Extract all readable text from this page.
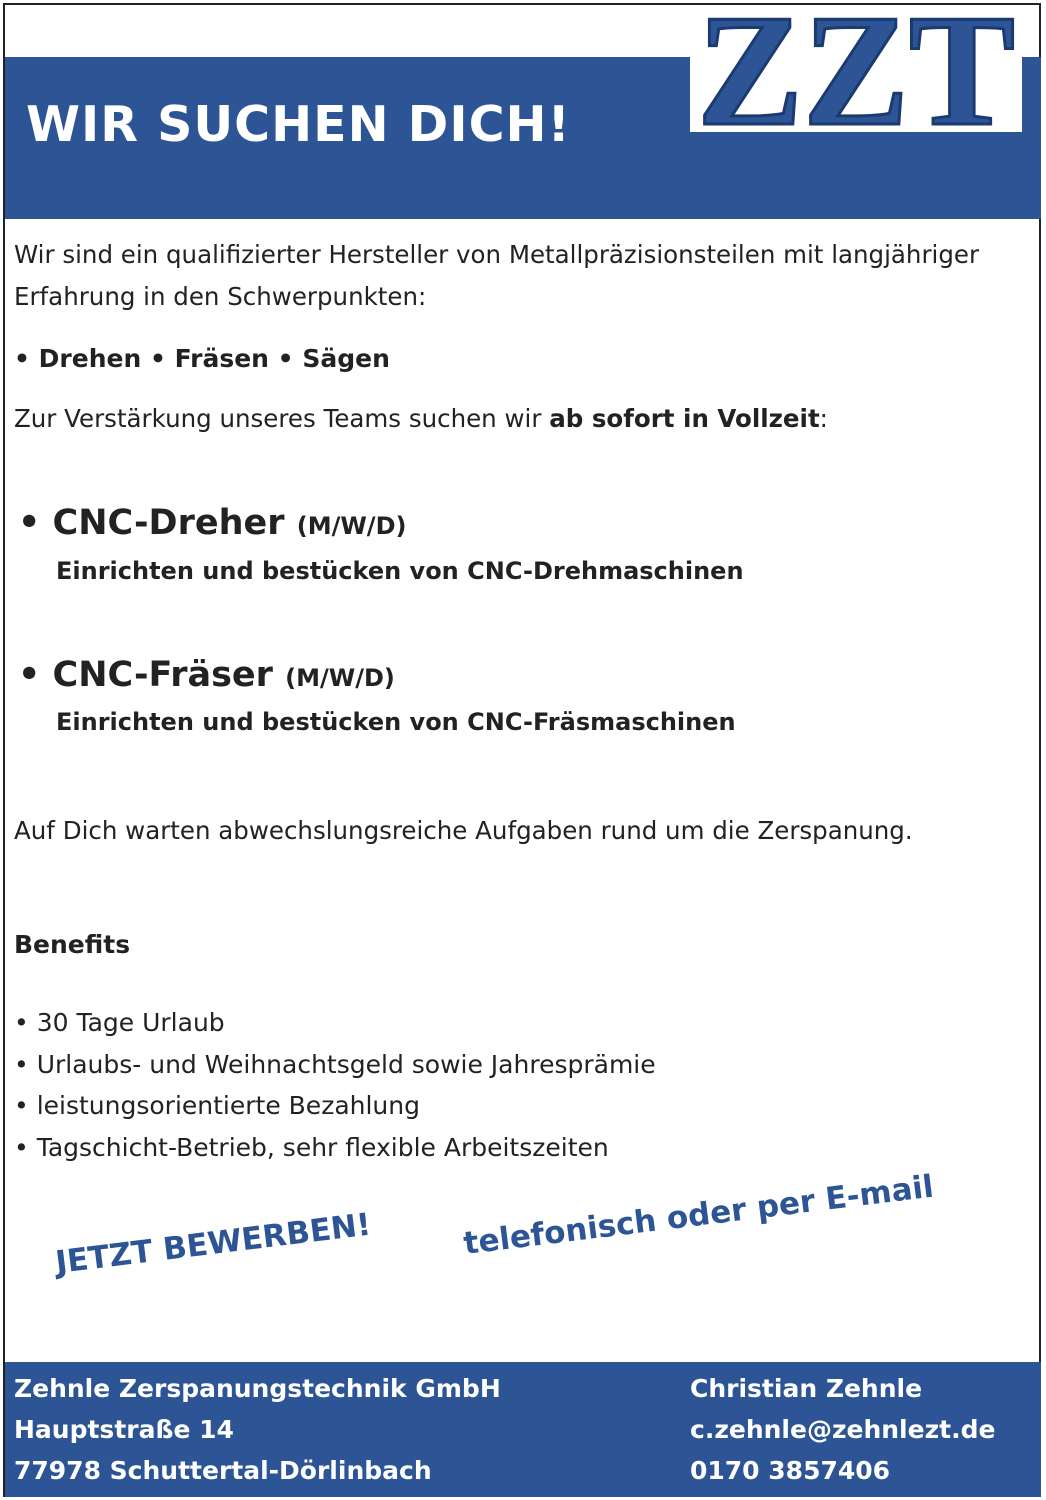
WIR SUCHEN DICH! ZZT
Wir sind ein qualifizierter Hersteller von Metallpräzisionsteilen mit langjähriger Erfahrung in den Schwerpunkten:
• Drehen • Fräsen • Sägen
Zur Verstärkung unseres Teams suchen wir ab sofort in Vollzeit:
• CNC-Dreher (M/W/D)
Einrichten und bestücken von CNC-Drehmaschinen
• CNC-Fräser (M/W/D)
Einrichten und bestücken von CNC-Fräsmaschinen
Auf Dich warten abwechslungsreiche Aufgaben rund um die Zerspanung.
Benefits
• 30 Tage Urlaub
• Urlaubs- und Weihnachtsgeld sowie Jahresprämie
• leistungsorientierte Bezahlung
• Tagschicht-Betrieb, sehr flexible Arbeitszeiten
JETZT BEWERBEN!	telefonisch oder per E-mail
Zehnle Zerspanungstechnik GmbH
Hauptstraße 14
77978 Schuttertal-Dörlinbach
Christian Zehnle
c.zehnle@zehnlezt.de
0170 3857406
